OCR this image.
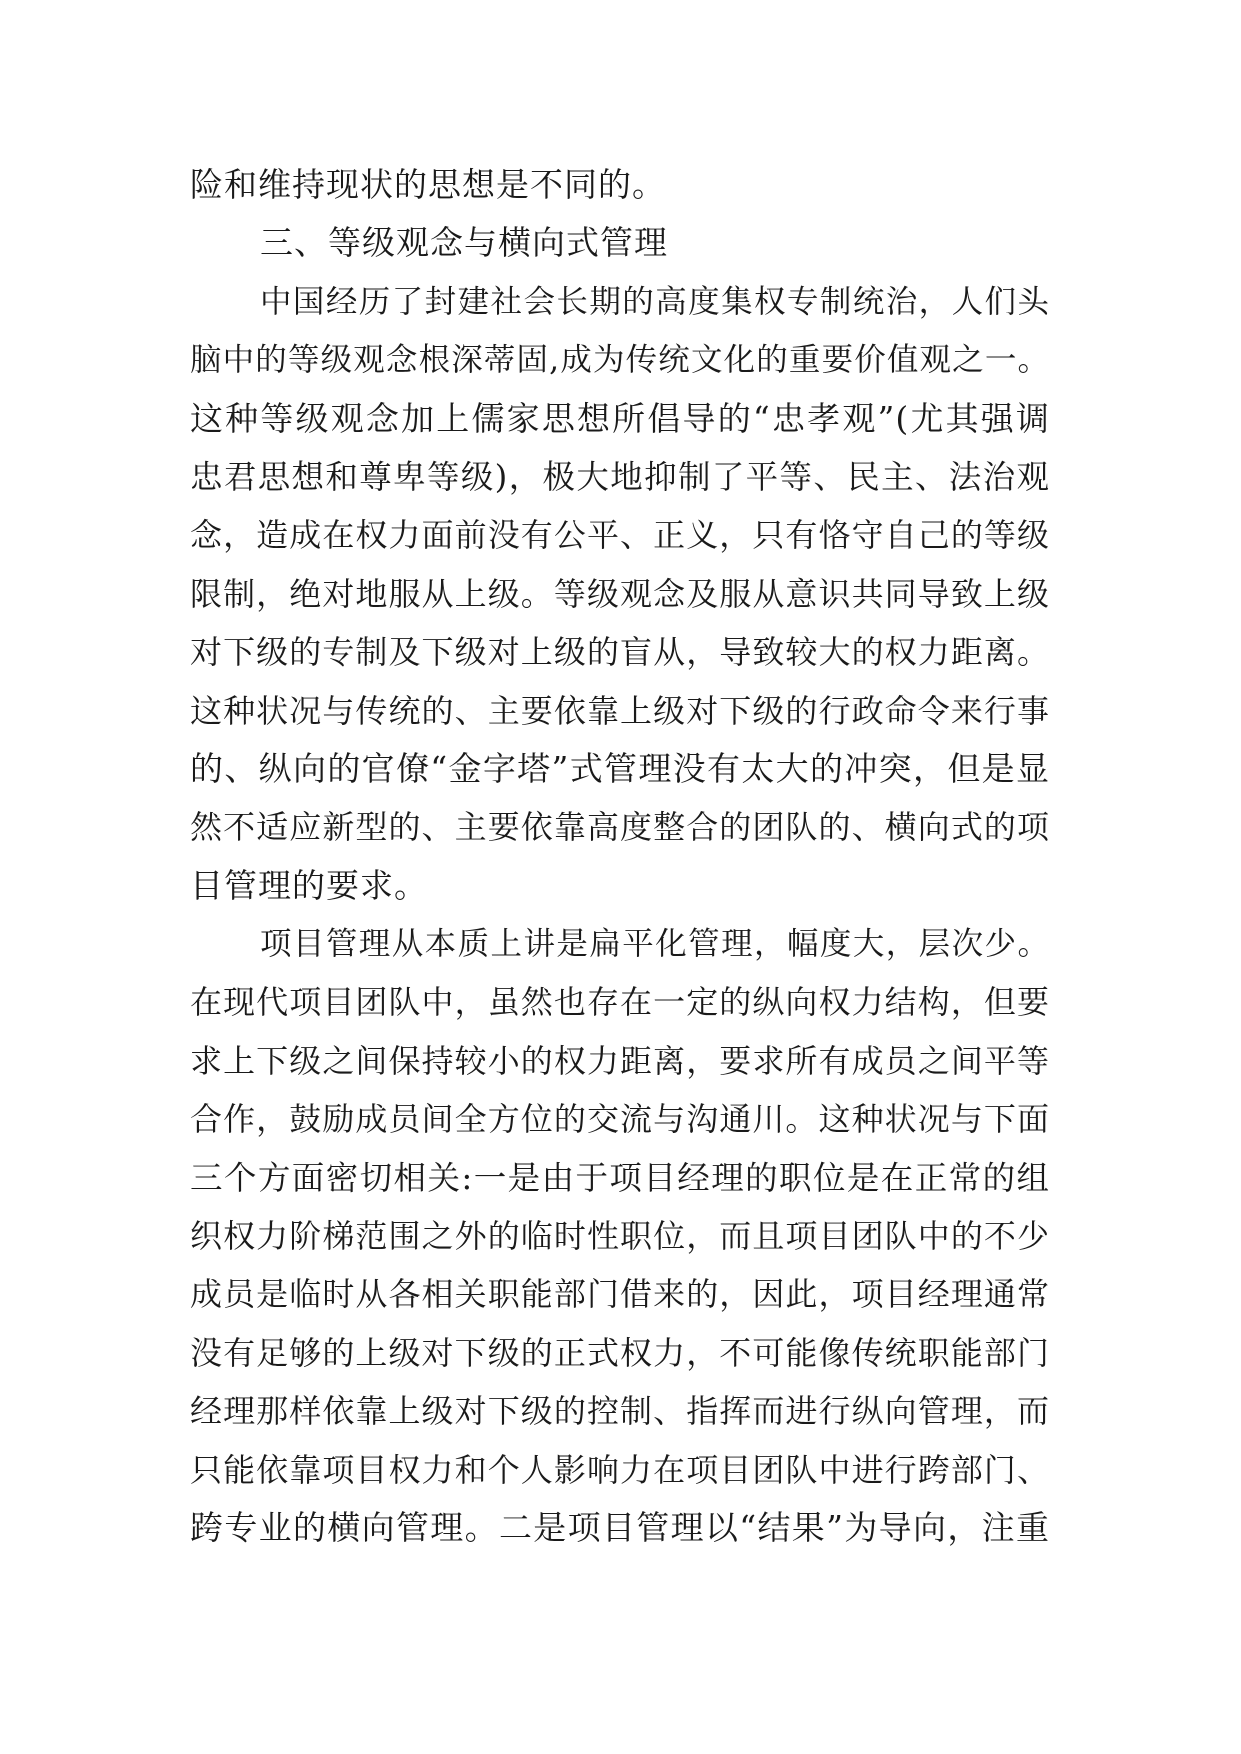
险和维持现状的思想是不同的。
三、等级观念与横向式管理
中国经历了封建社会长期的高度集权专制统治，人们头
脑中的等级观念根深蒂固,成为传统文化的重要价值观之一。
这种等级观念加上儒家思想所倡导的“忠孝观”(尤其强调
忠君思想和尊卑等级)，极大地抑制了平等、民主、法治观
念，造成在权力面前没有公平、正义，只有恪守自己的等级
限制，绝对地服从上级。等级观念及服从意识共同导致上级
对下级的专制及下级对上级的盲从，导致较大的权力距离。
这种状况与传统的、主要依靠上级对下级的行政命令来行事
的、纵向的官僚“金字塔”式管理没有太大的冲突，但是显
然不适应新型的、主要依靠高度整合的团队的、横向式的项
目管理的要求。
项目管理从本质上讲是扁平化管理，幅度大，层次少。
在现代项目团队中，虽然也存在一定的纵向权力结构，但要
求上下级之间保持较小的权力距离，要求所有成员之间平等
合作，鼓励成员间全方位的交流与沟通川。这种状况与下面
三个方面密切相关:一是由于项目经理的职位是在正常的组
织权力阶梯范围之外的临时性职位，而且项目团队中的不少
成员是临时从各相关职能部门借来的，因此，项目经理通常
没有足够的上级对下级的正式权力，不可能像传统职能部门
经理那样依靠上级对下级的控制、指挥而进行纵向管理，而
只能依靠项目权力和个人影响力在项目团队中进行跨部门、
跨专业的横向管理。二是项目管理以“结果”为导向，注重
